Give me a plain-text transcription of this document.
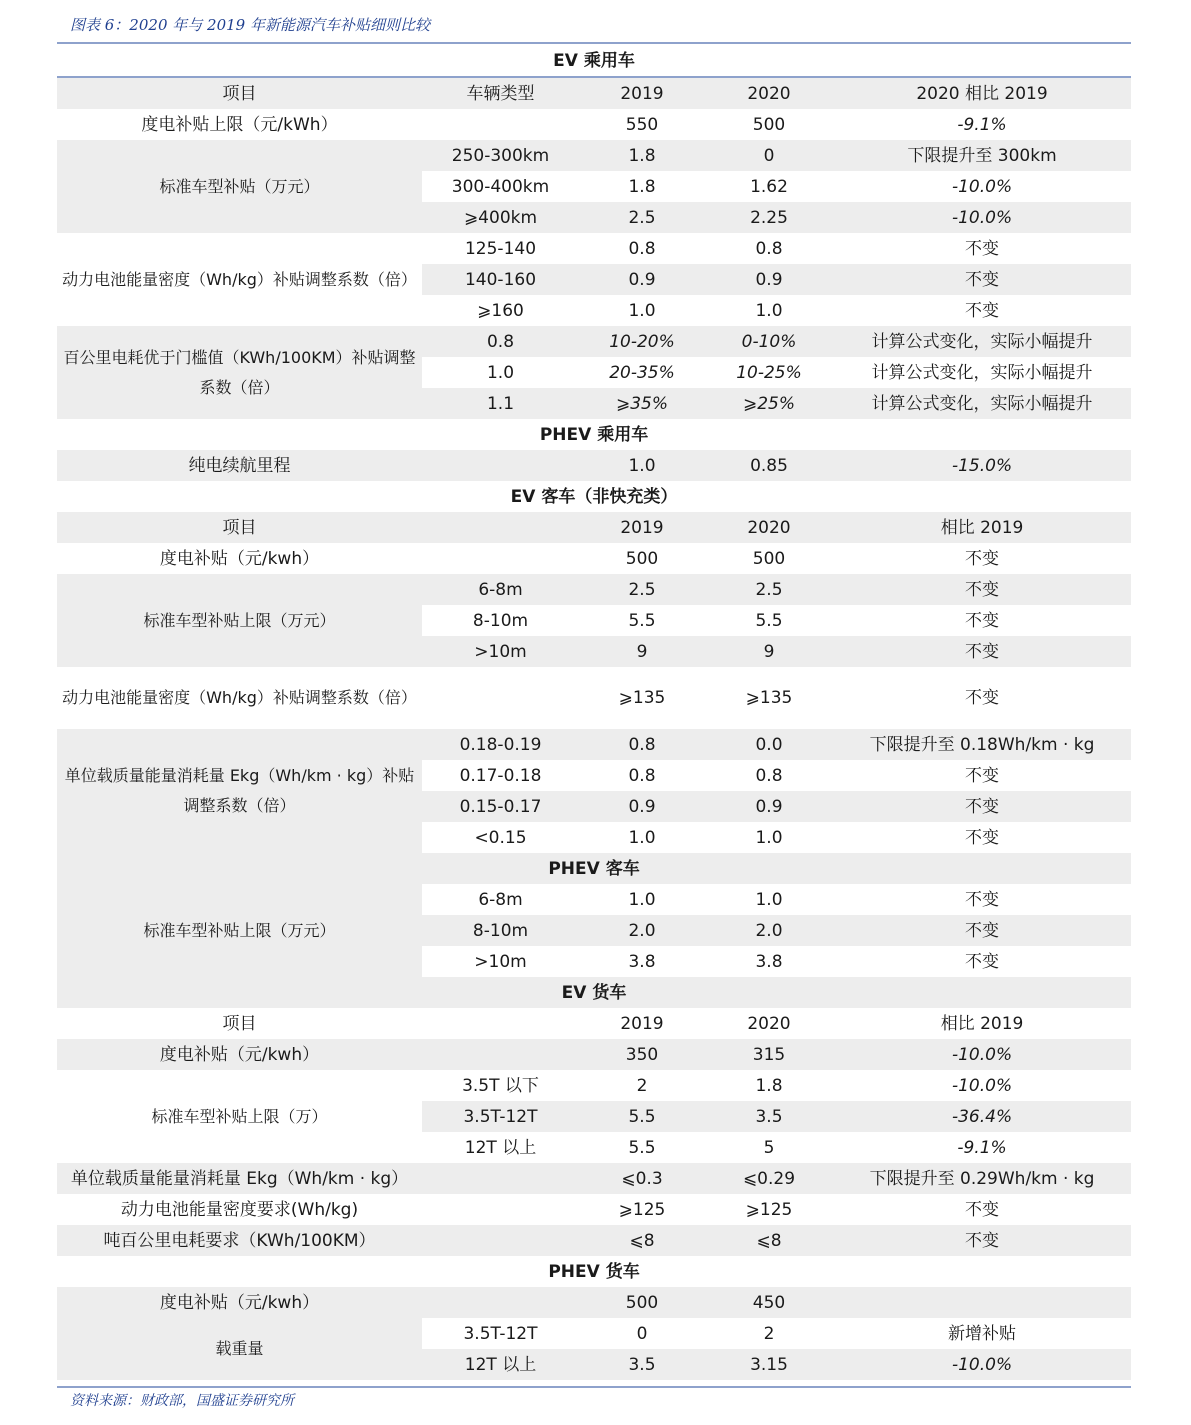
图表 6：2020 年与 2019 年新能源汽车补贴细则比较
EV 乘用车				
项目	车辆类型	2019	2020	2020 相比 2019
度电补贴上限（元/kWh）		550	500	-9.1%
标准车型补贴（万元）	250-300km	1.8	0	下限提升至 300km
	300-400km	1.8	1.62	-10.0%
	⩾400km	2.5	2.25	-10.0%
动力电池能量密度（Wh/kg）补贴调整系数（倍）	125-140	0.8	0.8	不变
	140-160	0.9	0.9	不变
	⩾160	1.0	1.0	不变
百公里电耗优于门槛值（KWh/100KM）补贴调整系数（倍）	0.8	10-20%	0-10%	计算公式变化，实际小幅提升
	1.0	20-35%	10-25%	计算公式变化，实际小幅提升
	1.1	⩾35%	⩾25%	计算公式变化，实际小幅提升
PHEV 乘用车				
纯电续航里程		1.0	0.85	-15.0%
EV 客车（非快充类）				
项目		2019	2020	相比 2019
度电补贴（元/kwh）		500	500	不变
标准车型补贴上限（万元）	6-8m	2.5	2.5	不变
	8-10m	5.5	5.5	不变
	>10m	9	9	不变
动力电池能量密度（Wh/kg）补贴调整系数（倍）		⩾135	⩾135	不变
单位载质量能量消耗量 Ekg（Wh/km · kg）补贴调整系数（倍）	0.18-0.19	0.8	0.0	下限提升至 0.18Wh/km · kg
	0.17-0.18	0.8	0.8	不变
	0.15-0.17	0.9	0.9	不变
	<0.15	1.0	1.0	不变
PHEV 客车				
标准车型补贴上限（万元）	6-8m	1.0	1.0	不变
	8-10m	2.0	2.0	不变
	>10m	3.8	3.8	不变
EV 货车				
项目		2019	2020	相比 2019
度电补贴（元/kwh）		350	315	-10.0%
标准车型补贴上限（万）	3.5T 以下	2	1.8	-10.0%
	3.5T-12T	5.5	3.5	-36.4%
	12T 以上	5.5	5	-9.1%
单位载质量能量消耗量 Ekg（Wh/km · kg）		⩽0.3	⩽0.29	下限提升至 0.29Wh/km · kg
动力电池能量密度要求(Wh/kg)		⩾125	⩾125	不变
吨百公里电耗要求（KWh/100KM）		⩽8	⩽8	不变
PHEV 货车				
度电补贴（元/kwh）		500	450	
载重量	3.5T-12T	0	2	新增补贴
	12T 以上	3.5	3.15	-10.0%
资料来源：财政部，国盛证券研究所
